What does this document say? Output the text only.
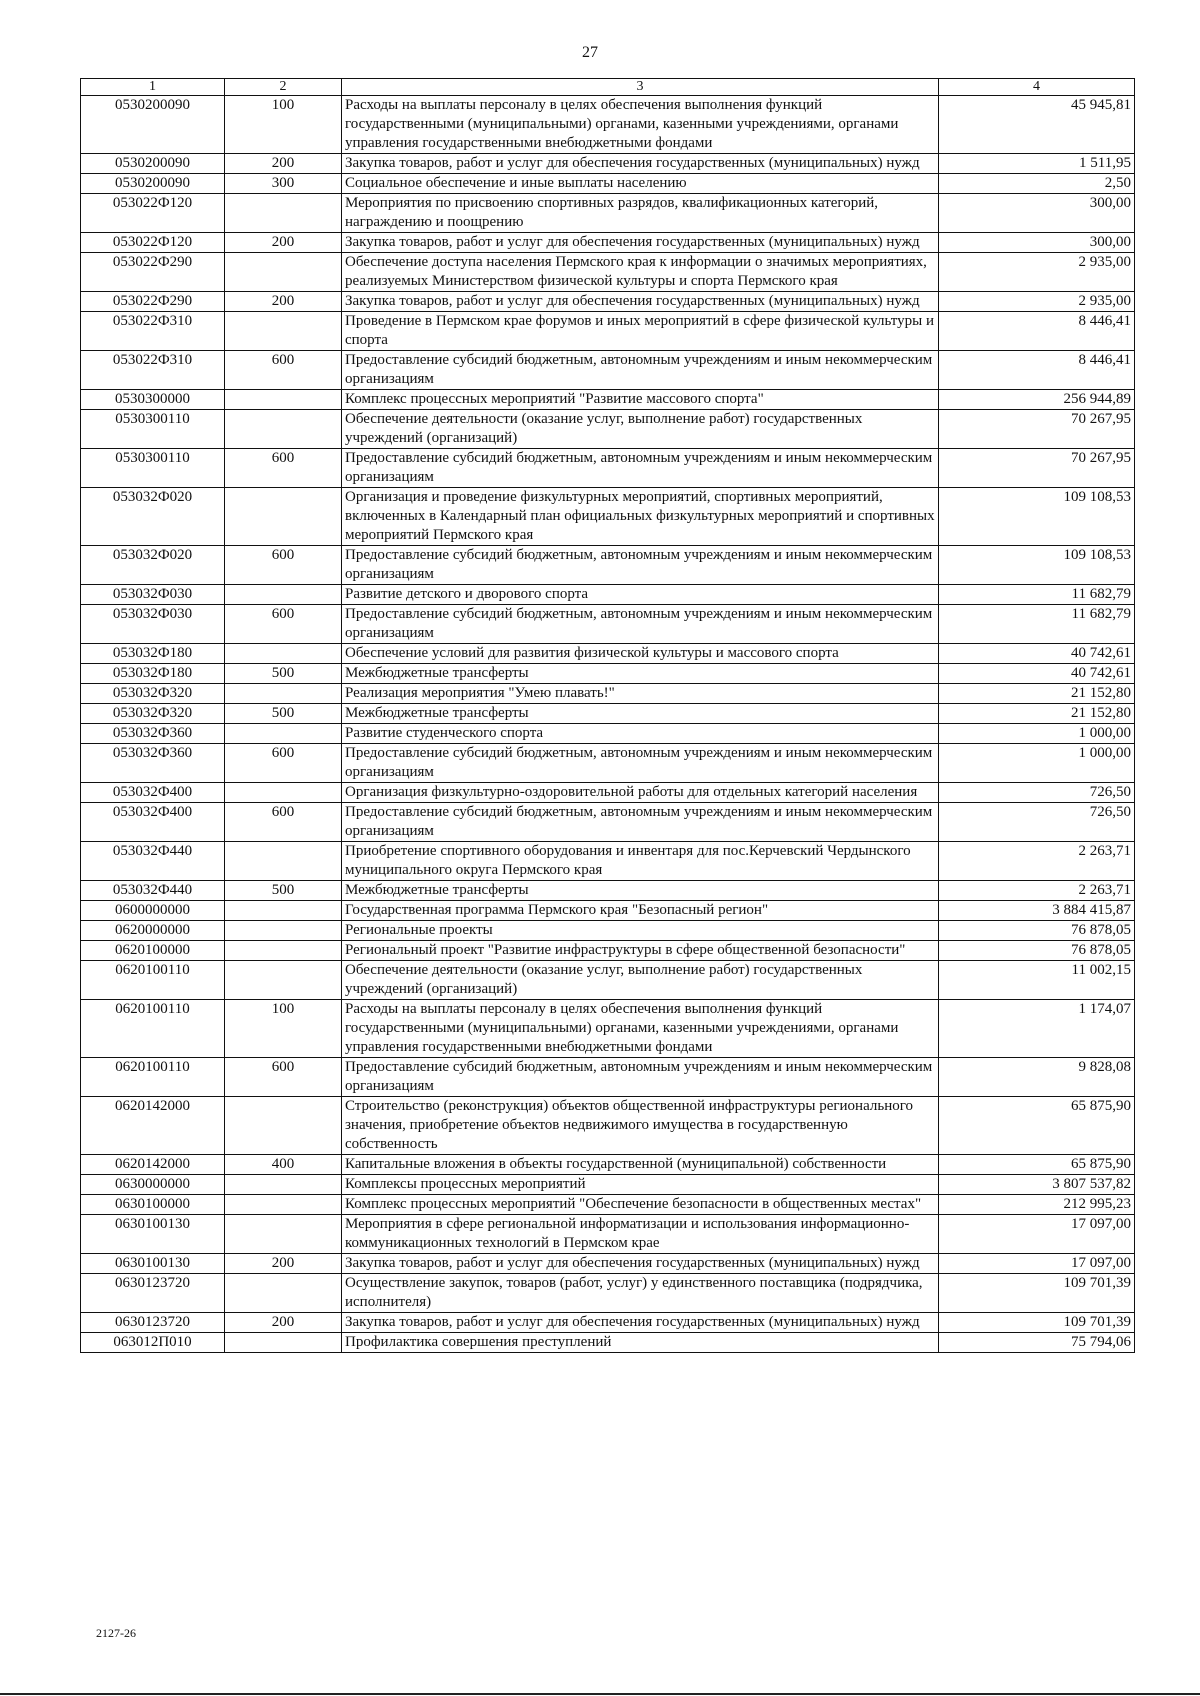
27
1	2	3	4
0530200090	100	Расходы на выплаты персоналу в целях обеспечения выполнения функций государственными (муниципальными) органами, казенными учреждениями, органами управления государственными внебюджетными фондами	45 945,81
0530200090	200	Закупка товаров, работ и услуг для обеспечения государственных (муниципальных) нужд	1 511,95
0530200090	300	Социальное обеспечение и иные выплаты населению	2,50
053022Ф120		Мероприятия по присвоению спортивных разрядов, квалификационных категорий, награждению и поощрению	300,00
053022Ф120	200	Закупка товаров, работ и услуг для обеспечения государственных (муниципальных) нужд	300,00
053022Ф290		Обеспечение доступа населения Пермского края к информации о значимых мероприятиях, реализуемых Министерством физической культуры и спорта Пермского края	2 935,00
053022Ф290	200	Закупка товаров, работ и услуг для обеспечения государственных (муниципальных) нужд	2 935,00
053022Ф310		Проведение в Пермском крае форумов и иных мероприятий в сфере физической культуры и спорта	8 446,41
053022Ф310	600	Предоставление субсидий бюджетным, автономным учреждениям и иным некоммерческим организациям	8 446,41
0530300000		Комплекс процессных мероприятий "Развитие массового спорта"	256 944,89
0530300110		Обеспечение деятельности (оказание услуг, выполнение работ) государственных учреждений (организаций)	70 267,95
0530300110	600	Предоставление субсидий бюджетным, автономным учреждениям и иным некоммерческим организациям	70 267,95
053032Ф020		Организация и проведение физкультурных мероприятий, спортивных мероприятий, включенных в Календарный план официальных физкультурных мероприятий и спортивных мероприятий Пермского края	109 108,53
053032Ф020	600	Предоставление субсидий бюджетным, автономным учреждениям и иным некоммерческим организациям	109 108,53
053032Ф030		Развитие детского и дворового спорта	11 682,79
053032Ф030	600	Предоставление субсидий бюджетным, автономным учреждениям и иным некоммерческим организациям	11 682,79
053032Ф180		Обеспечение условий для развития физической культуры и массового спорта	40 742,61
053032Ф180	500	Межбюджетные трансферты	40 742,61
053032Ф320		Реализация мероприятия "Умею плавать!"	21 152,80
053032Ф320	500	Межбюджетные трансферты	21 152,80
053032Ф360		Развитие студенческого спорта	1 000,00
053032Ф360	600	Предоставление субсидий бюджетным, автономным учреждениям и иным некоммерческим организациям	1 000,00
053032Ф400		Организация физкультурно-оздоровительной работы для отдельных категорий населения	726,50
053032Ф400	600	Предоставление субсидий бюджетным, автономным учреждениям и иным некоммерческим организациям	726,50
053032Ф440		Приобретение спортивного оборудования и инвентаря для пос.Керчевский Чердынского муниципального округа Пермского края	2 263,71
053032Ф440	500	Межбюджетные трансферты	2 263,71
0600000000		Государственная программа Пермского края "Безопасный регион"	3 884 415,87
0620000000		Региональные проекты	76 878,05
0620100000		Региональный проект "Развитие инфраструктуры в сфере общественной безопасности"	76 878,05
0620100110		Обеспечение деятельности (оказание услуг, выполнение работ) государственных учреждений (организаций)	11 002,15
0620100110	100	Расходы на выплаты персоналу в целях обеспечения выполнения функций государственными (муниципальными) органами, казенными учреждениями, органами управления государственными внебюджетными фондами	1 174,07
0620100110	600	Предоставление субсидий бюджетным, автономным учреждениям и иным некоммерческим организациям	9 828,08
0620142000		Строительство (реконструкция) объектов общественной инфраструктуры регионального значения, приобретение объектов недвижимого имущества в государственную собственность	65 875,90
0620142000	400	Капитальные вложения в объекты государственной (муниципальной) собственности	65 875,90
0630000000		Комплексы процессных мероприятий	3 807 537,82
0630100000		Комплекс процессных мероприятий "Обеспечение безопасности в общественных местах"	212 995,23
0630100130		Мероприятия в сфере региональной информатизации и использования информационно-коммуникационных технологий в Пермском крае	17 097,00
0630100130	200	Закупка товаров, работ и услуг для обеспечения государственных (муниципальных) нужд	17 097,00
0630123720		Осуществление закупок, товаров (работ, услуг) у единственного поставщика (подрядчика, исполнителя)	109 701,39
0630123720	200	Закупка товаров, работ и услуг для обеспечения государственных (муниципальных) нужд	109 701,39
063012П010		Профилактика совершения преступлений	75 794,06
2127-26
